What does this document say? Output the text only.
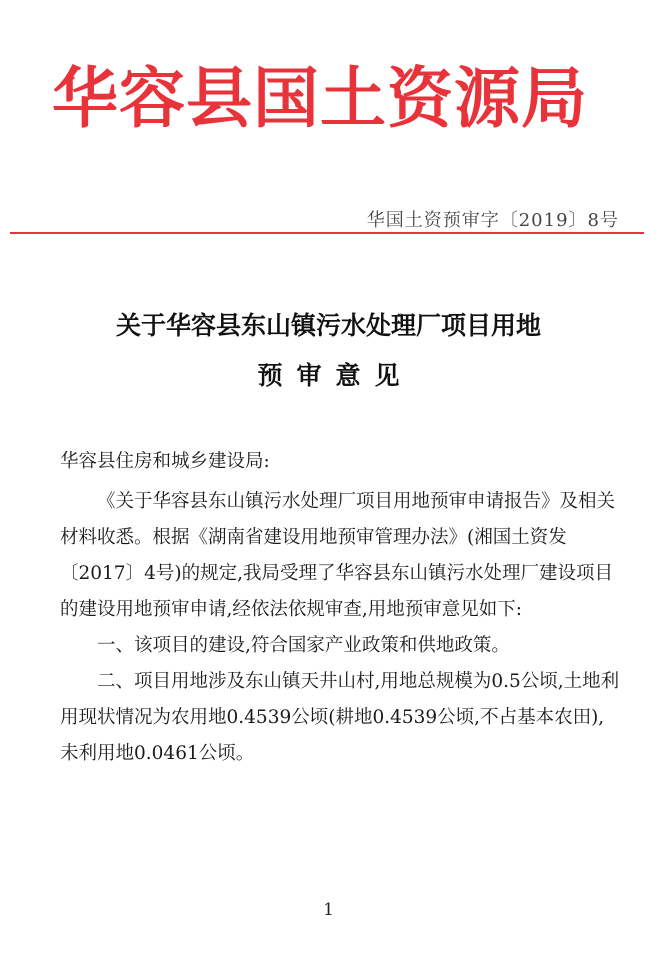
华容县国土资源局
华国土资预审字〔2019〕8号
关于华容县东山镇污水处理厂项目用地
预审意见
华容县住房和城乡建设局:

《关于华容县东山镇污水处理厂项目用地预审申请报告》及相关材料收悉。根据《湖南省建设用地预审管理办法》(湘国土资发〔2017〕4号)的规定,我局受理了华容县东山镇污水处理厂建设项目的建设用地预审申请,经依法依规审查,用地预审意见如下:

一、该项目的建设,符合国家产业政策和供地政策。

二、项目用地涉及东山镇天井山村,用地总规模为0.5公顷,土地利用现状情况为农用地0.4539公顷(耕地0.4539公顷,不占基本农田),未利用地0.0461公顷。

1
